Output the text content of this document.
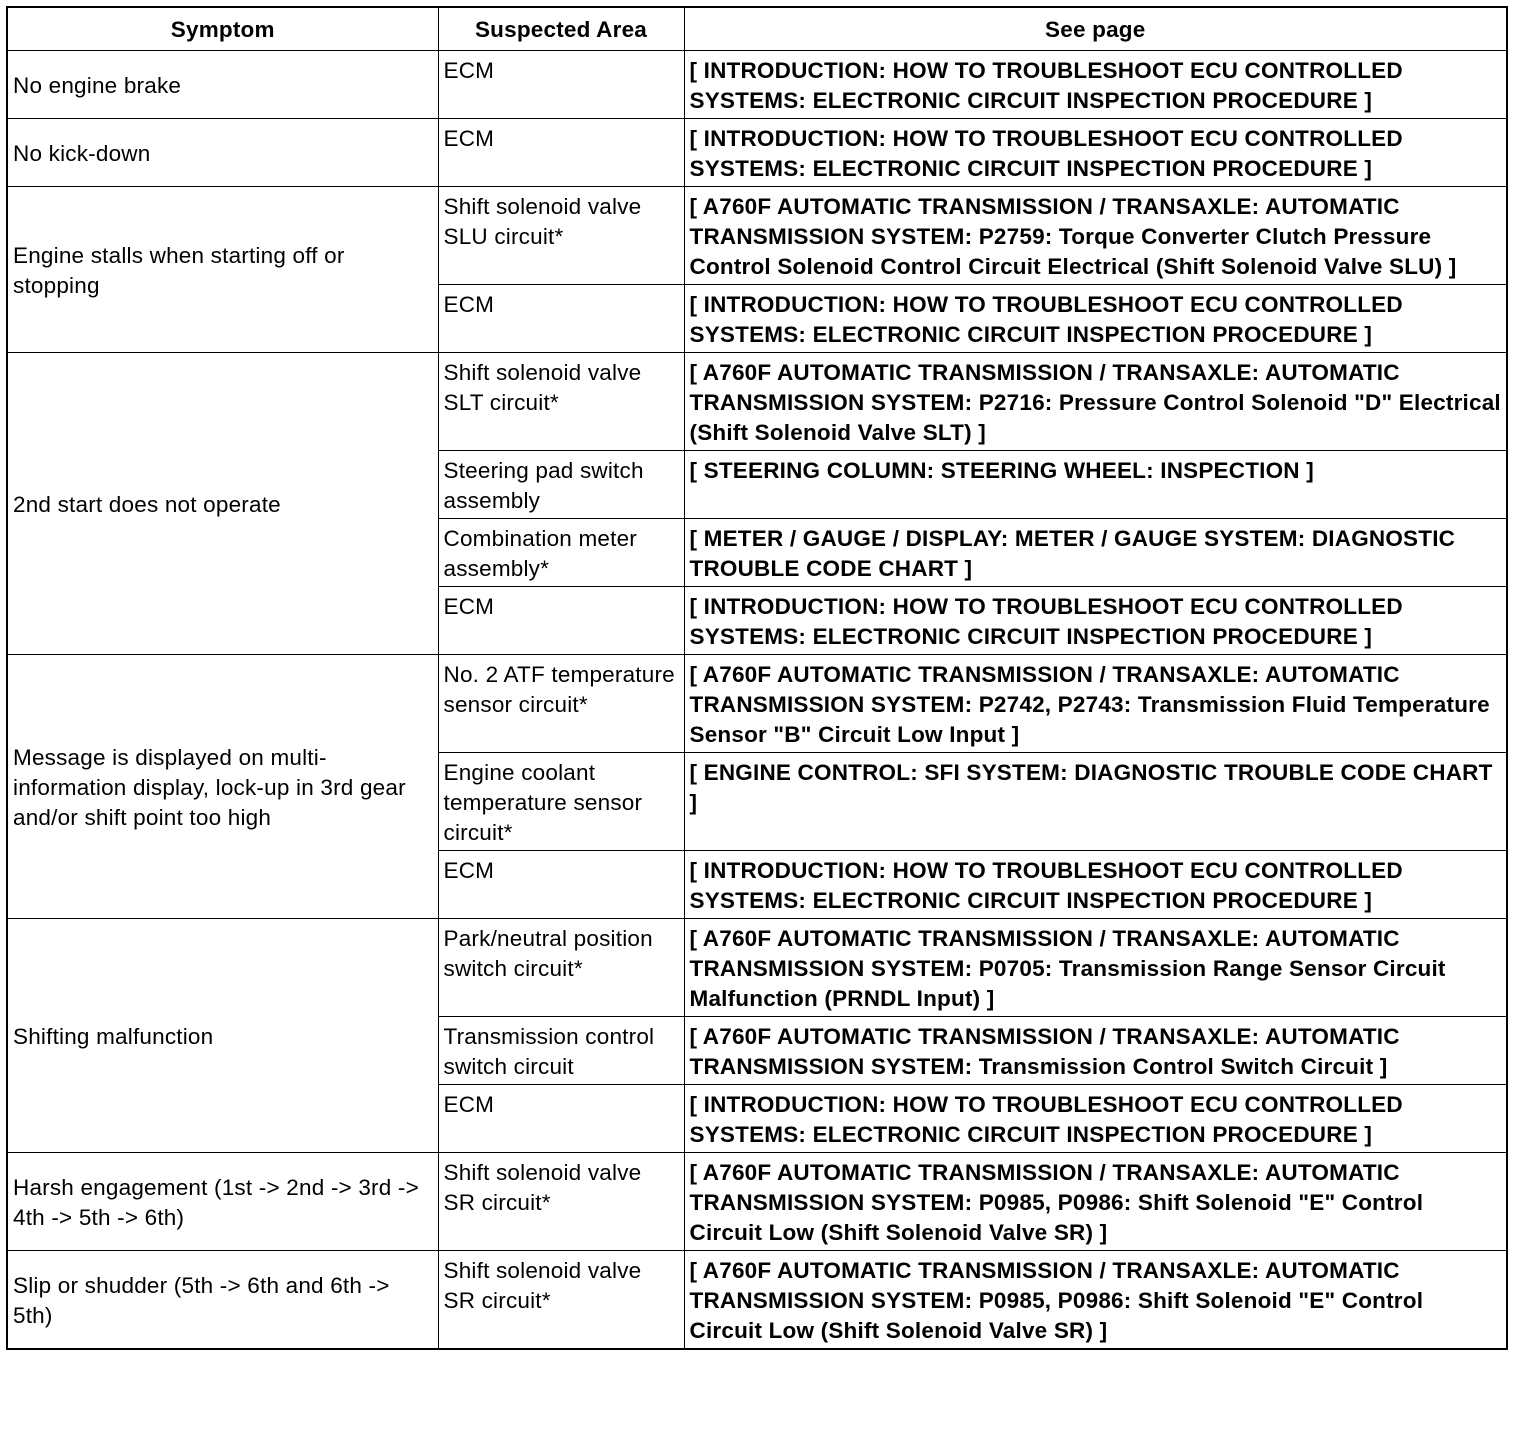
Symptom	Suspected Area	See page
No engine brake	ECM	[ INTRODUCTION: HOW TO TROUBLESHOOT ECU CONTROLLED SYSTEMS: ELECTRONIC CIRCUIT INSPECTION PROCEDURE ]
No kick-down	ECM	[ INTRODUCTION: HOW TO TROUBLESHOOT ECU CONTROLLED SYSTEMS: ELECTRONIC CIRCUIT INSPECTION PROCEDURE ]
Engine stalls when starting off or stopping	Shift solenoid valve SLU circuit*	[ A760F AUTOMATIC TRANSMISSION / TRANSAXLE: AUTOMATIC TRANSMISSION SYSTEM: P2759: Torque Converter Clutch Pressure Control Solenoid Control Circuit Electrical (Shift Solenoid Valve SLU) ]
	ECM	[ INTRODUCTION: HOW TO TROUBLESHOOT ECU CONTROLLED SYSTEMS: ELECTRONIC CIRCUIT INSPECTION PROCEDURE ]
2nd start does not operate	Shift solenoid valve SLT circuit*	[ A760F AUTOMATIC TRANSMISSION / TRANSAXLE: AUTOMATIC TRANSMISSION SYSTEM: P2716: Pressure Control Solenoid "D" Electrical (Shift Solenoid Valve SLT) ]
	Steering pad switch assembly	[ STEERING COLUMN: STEERING WHEEL: INSPECTION ]
	Combination meter assembly*	[ METER / GAUGE / DISPLAY: METER / GAUGE SYSTEM: DIAGNOSTIC TROUBLE CODE CHART ]
	ECM	[ INTRODUCTION: HOW TO TROUBLESHOOT ECU CONTROLLED SYSTEMS: ELECTRONIC CIRCUIT INSPECTION PROCEDURE ]
Message is displayed on multi-information display, lock-up in 3rd gear and/or shift point too high	No. 2 ATF temperature sensor circuit*	[ A760F AUTOMATIC TRANSMISSION / TRANSAXLE: AUTOMATIC TRANSMISSION SYSTEM: P2742, P2743: Transmission Fluid Temperature Sensor "B" Circuit Low Input ]
	Engine coolant temperature sensor circuit*	[ ENGINE CONTROL: SFI SYSTEM: DIAGNOSTIC TROUBLE CODE CHART ]
	ECM	[ INTRODUCTION: HOW TO TROUBLESHOOT ECU CONTROLLED SYSTEMS: ELECTRONIC CIRCUIT INSPECTION PROCEDURE ]
Shifting malfunction	Park/neutral position switch circuit*	[ A760F AUTOMATIC TRANSMISSION / TRANSAXLE: AUTOMATIC TRANSMISSION SYSTEM: P0705: Transmission Range Sensor Circuit Malfunction (PRNDL Input) ]
	Transmission control switch circuit	[ A760F AUTOMATIC TRANSMISSION / TRANSAXLE: AUTOMATIC TRANSMISSION SYSTEM: Transmission Control Switch Circuit ]
	ECM	[ INTRODUCTION: HOW TO TROUBLESHOOT ECU CONTROLLED SYSTEMS: ELECTRONIC CIRCUIT INSPECTION PROCEDURE ]
Harsh engagement (1st -> 2nd -> 3rd -> 4th -> 5th -> 6th)	Shift solenoid valve SR circuit*	[ A760F AUTOMATIC TRANSMISSION / TRANSAXLE: AUTOMATIC TRANSMISSION SYSTEM: P0985, P0986: Shift Solenoid "E" Control Circuit Low (Shift Solenoid Valve SR) ]
Slip or shudder (5th -> 6th and 6th -> 5th)	Shift solenoid valve SR circuit*	[ A760F AUTOMATIC TRANSMISSION / TRANSAXLE: AUTOMATIC TRANSMISSION SYSTEM: P0985, P0986: Shift Solenoid "E" Control Circuit Low (Shift Solenoid Valve SR) ]
